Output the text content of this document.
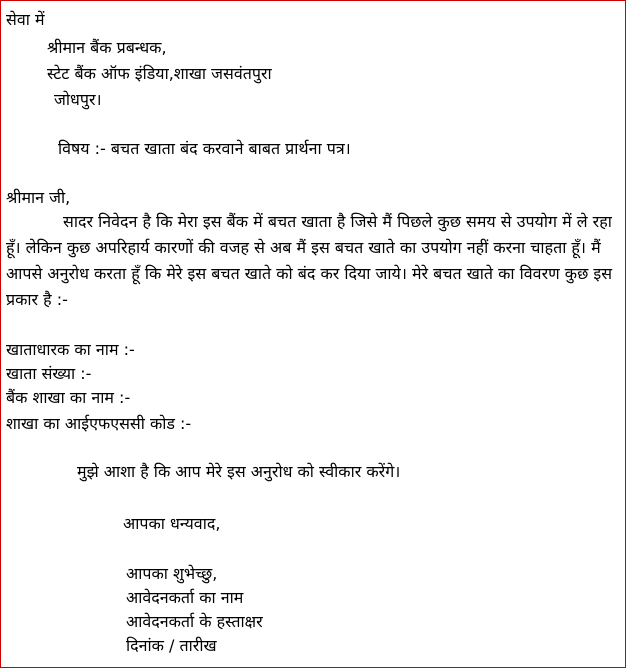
सेवा में
श्रीमान बैंक प्रबन्धक,
स्टेट बैंक ऑफ इंडिया,शाखा जसवंतपुरा
जोधपुर।
विषय :- बचत खाता बंद करवाने बाबत प्रार्थना पत्र।
श्रीमान जी,
सादर निवेदन है कि मेरा इस बैंक में बचत खाता है जिसे मैं पिछले कुछ समय से उपयोग में ले रहा हूँ। लेकिन कुछ अपरिहार्य कारणों की वजह से अब मैं इस बचत खाते का उपयोग नहीं करना चाहता हूँ। मैं आपसे अनुरोध करता हूँ कि मेरे इस बचत खाते को बंद कर दिया जाये। मेरे बचत खाते का विवरण कुछ इस प्रकार है :-
खाताधारक का नाम :-
खाता संख्या :-
बैंक शाखा का नाम :-
शाखा का आईएफएससी कोड :-
मुझे आशा है कि आप मेरे इस अनुरोध को स्वीकार करेंगे।
आपका धन्यवाद,
आपका शुभेच्छु,
आवेदनकर्ता का नाम
आवेदनकर्ता के हस्ताक्षर
दिनांक / तारीख
